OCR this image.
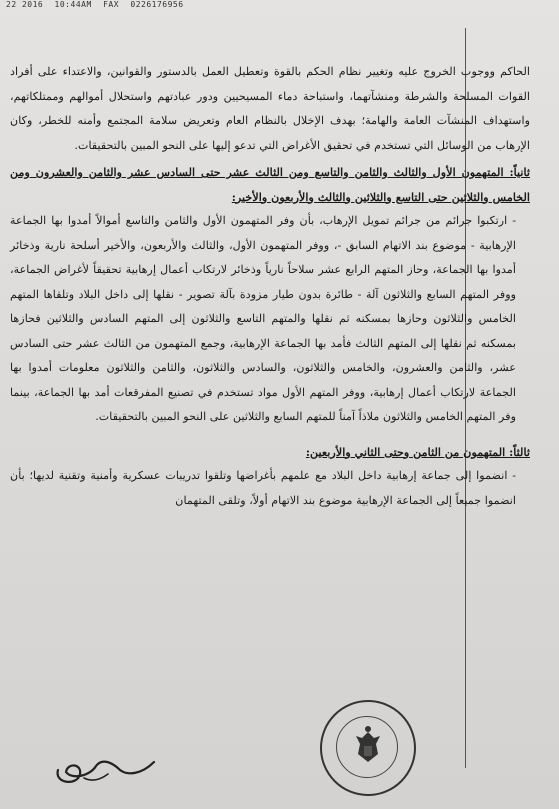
22 2016 10:44AM FAX 0226176956

الحاكم ووجوب الخروج عليه وتغيير نظام الحكم بالقوة وتعطيل العمل بالدستور والقوانين، والاعتداء على أفراد القوات المسلحة والشرطة ومنشآتهما، واستباحة دماء المسيحيين ودور عبادتهم واستحلال أموالهم وممتلكاتهم، واستهداف المنشآت العامة والهامة؛ بهدف الإخلال بالنظام العام وتعريض سلامة المجتمع وأمنه للخطر، وكان الإرهاب من الوسائل التي تستخدم في تحقيق الأغراض التي تدعو إليها على النحو المبين بالتحقيقات.

ثانياً: المتهمون الأول والثالث والثامن والتاسع ومن الثالث عشر حتى السادس عشر والثامن والعشرون ومن الخامس والثلاثين حتى التاسع والثلاثين والثالث والأربعون والأخير:

- ارتكبوا جرائم من جرائم تمويل الإرهاب، بأن وفر المتهمون الأول والثامن والتاسع أموالاً أمدوا بها الجماعة الإرهابية - موضوع بند الاتهام السابق -، ووفر المتهمون الأول، والثالث والأربعون، والأخير أسلحة نارية وذخائر أمدوا بها الجماعة، وحاز المتهم الرابع عشر سلاحاً نارياً وذخائر لارتكاب أعمال إرهابية تحقيقاً لأغراض الجماعة، ووفر المتهم السابع والثلاثون آلة - طائرة بدون طيار مزودة بآلة تصوير - نقلها إلى داخل البلاد وتلقاها المتهم الخامس والثلاثون وحازها بمسكنه ثم نقلها والمتهم التاسع والثلاثون إلى المتهم السادس والثلاثين فحازها بمسكنه ثم نقلها إلى المتهم الثالث فأمد بها الجماعة الإرهابية، وجمع المتهمون من الثالث عشر حتى السادس عشر، والثامن والعشرون، والخامس والثلاثون، والسادس والثلاثون، والثامن والثلاثون معلومات أمدوا بها الجماعة لارتكاب أعمال إرهابية، ووفر المتهم الأول مواد تستخدم في تصنيع المفرقعات أمد بها الجماعة، بينما وفر المتهم الخامس والثلاثون ملاذاً آمناً للمتهم السابع والثلاثين على النحو المبين بالتحقيقات.

ثالثاً: المتهمون من الثامن وحتى الثاني والأربعين:

- انضموا إلى جماعة إرهابية داخل البلاد مع علمهم بأغراضها وتلقوا تدريبات عسكرية وأمنية وتقنية لديها؛ بأن انضموا جميعاً إلى الجماعة الإرهابية موضوع بند الاتهام أولاً، وتلقى المتهمان
